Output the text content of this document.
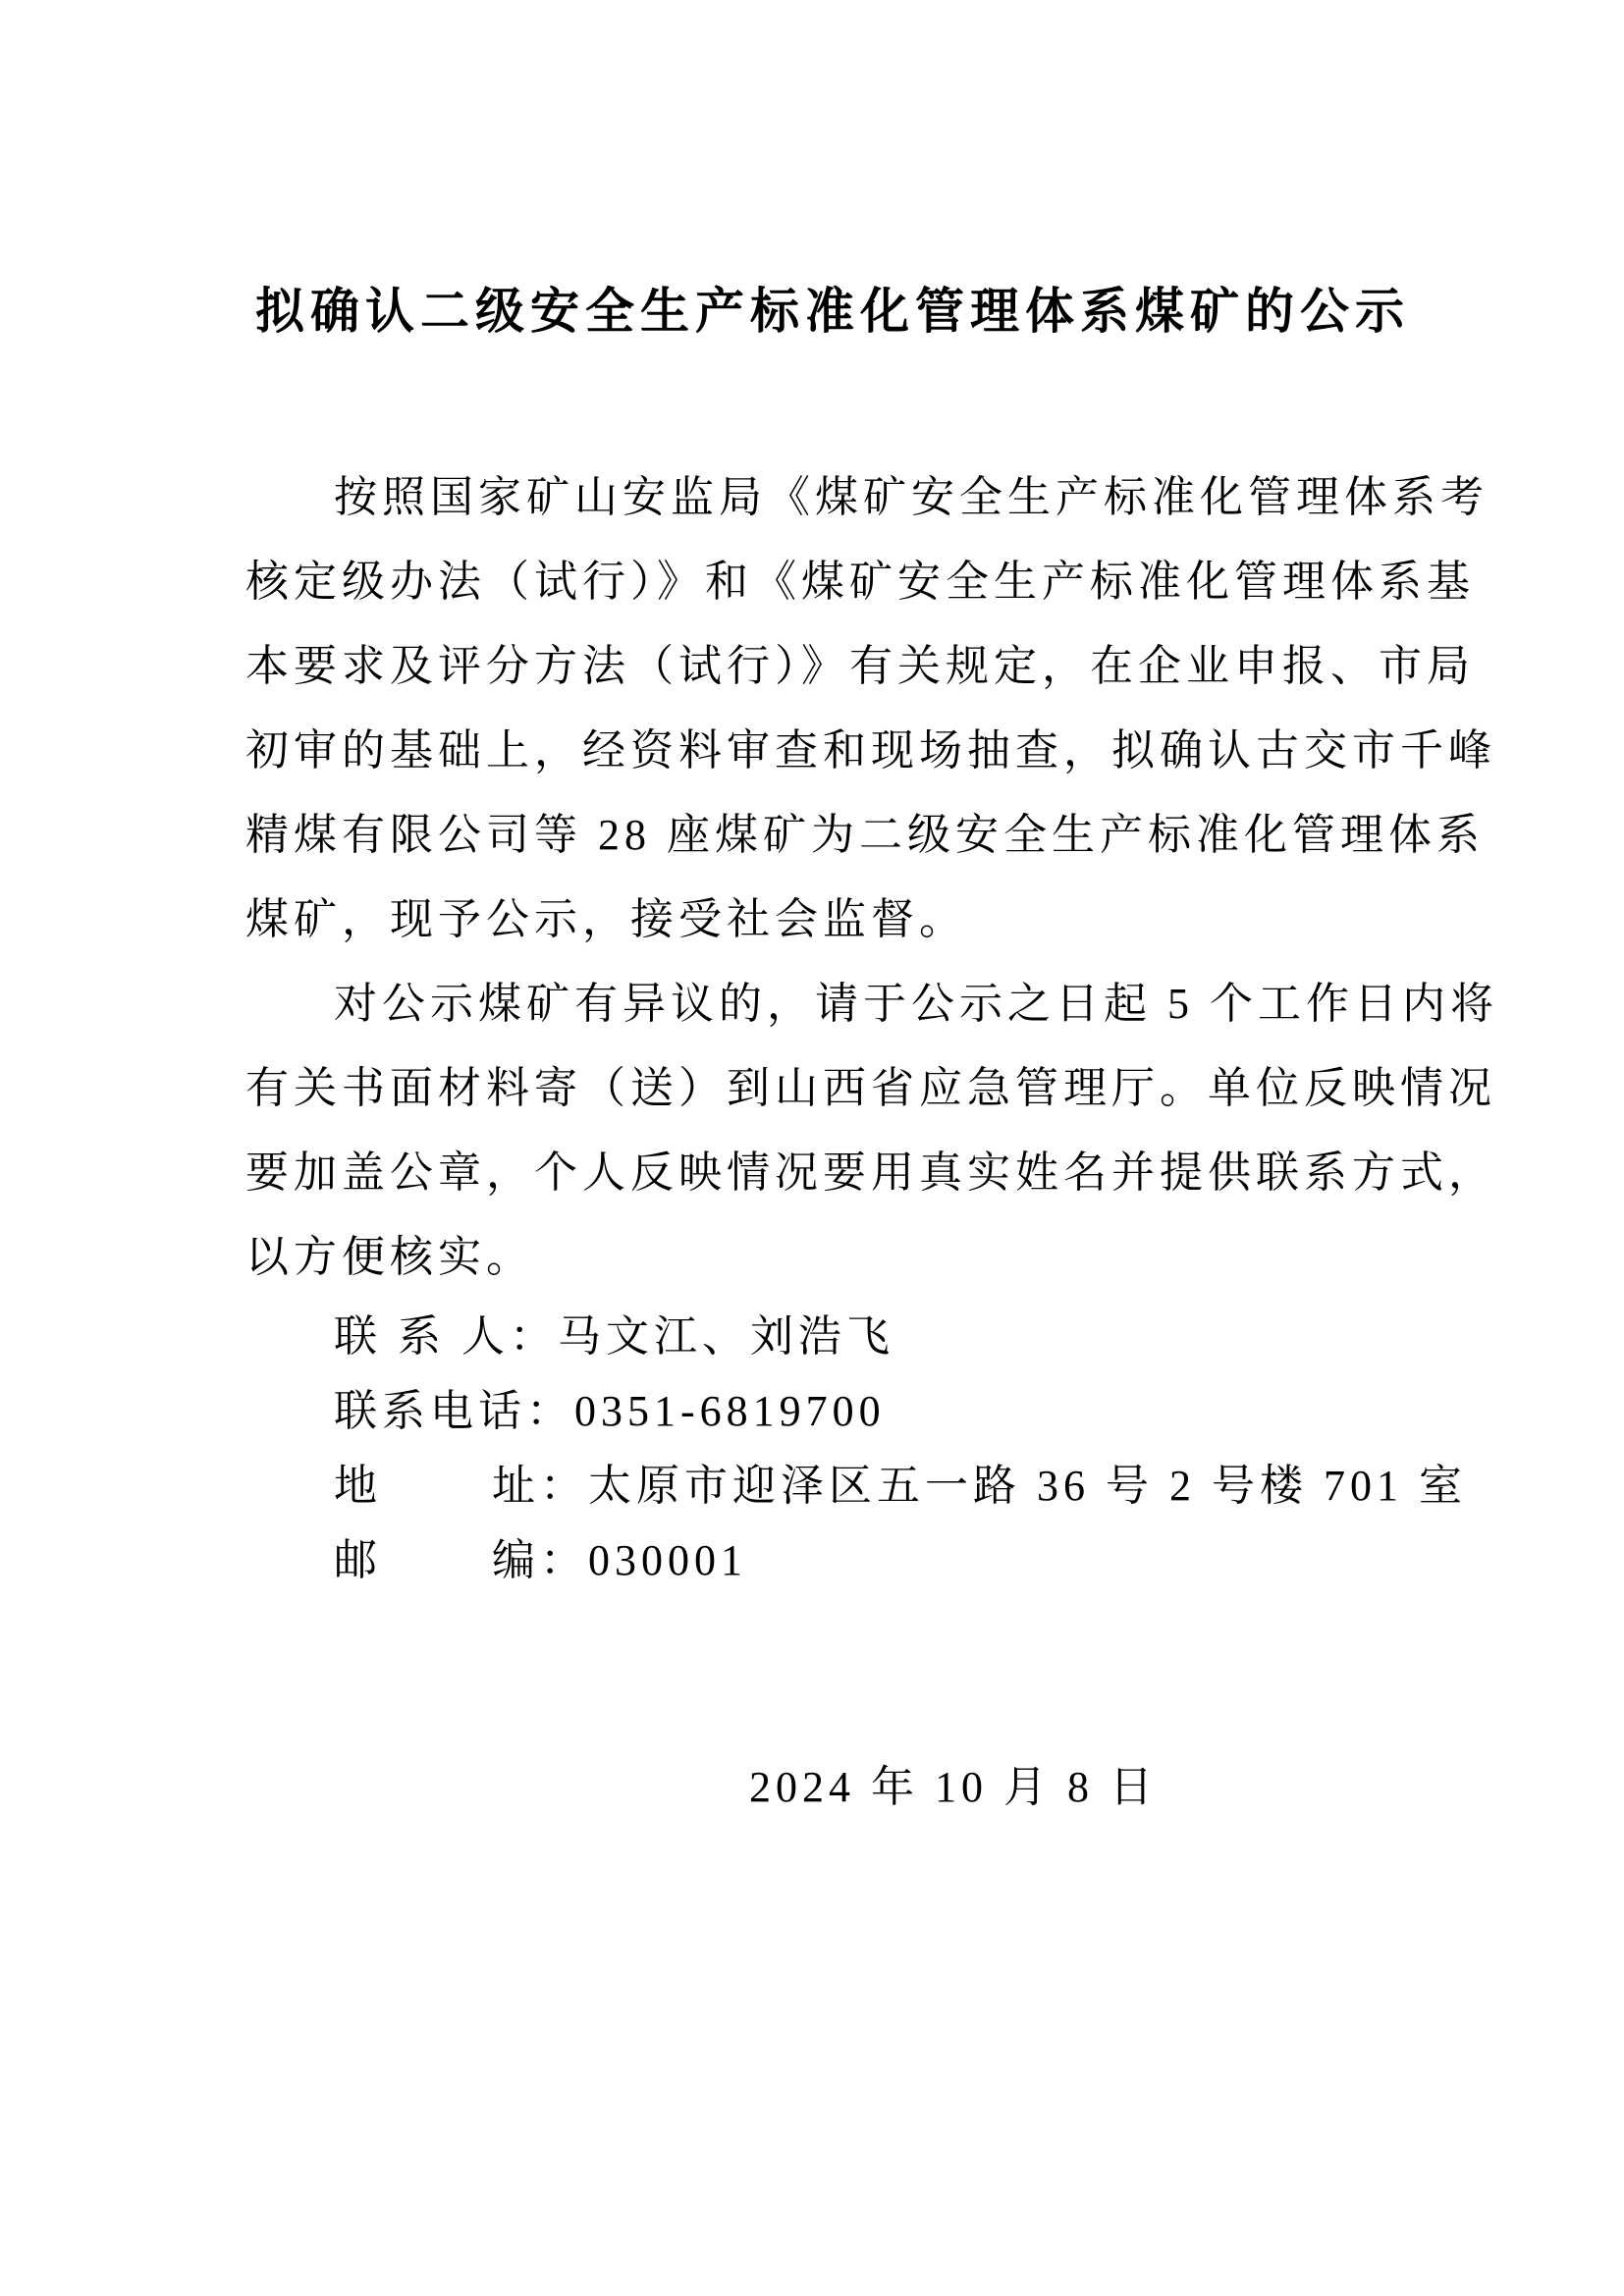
拟确认二级安全生产标准化管理体系煤矿的公示
按照国家矿山安监局《煤矿安全生产标准化管理体系考
核定级办法（试行）》和《煤矿安全生产标准化管理体系基
本要求及评分方法（试行）》有关规定，在企业申报、市局
初审的基础上，经资料审查和现场抽查，拟确认古交市千峰
精煤有限公司等 28 座煤矿为二级安全生产标准化管理体系
煤矿，现予公示，接受社会监督。
对公示煤矿有异议的，请于公示之日起 5 个工作日内将
有关书面材料寄（送）到山西省应急管理厅。单位反映情况
要加盖公章，个人反映情况要用真实姓名并提供联系方式，
以方便核实。
联 系 人：马文江、刘浩飞
联系电话：0351-6819700
地       址：太原市迎泽区五一路 36 号 2 号楼 701 室
邮       编：030001
2024 年 10 月 8 日
